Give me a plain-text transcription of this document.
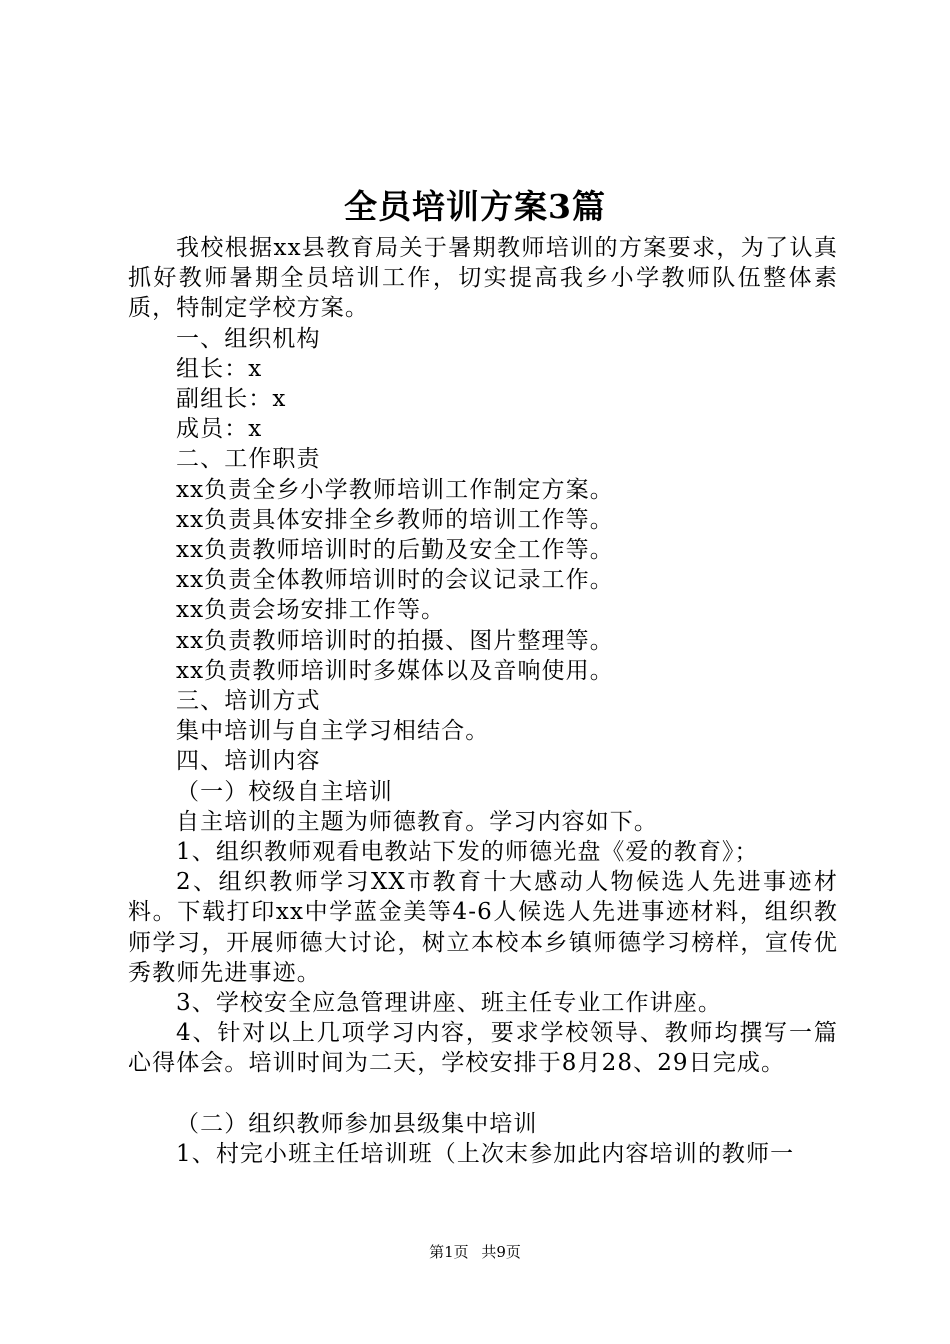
全员培训方案3篇

我校根据xx县教育局关于暑期教师培训的方案要求，为了认真抓好教师暑期全员培训工作，切实提高我乡小学教师队伍整体素质，特制定学校方案。

一、组织机构

组长：x

副组长：x

成员：x

二、工作职责

xx负责全乡小学教师培训工作制定方案。

xx负责具体安排全乡教师的培训工作等。

xx负责教师培训时的后勤及安全工作等。

xx负责全体教师培训时的会议记录工作。

xx负责会场安排工作等。

xx负责教师培训时的拍摄、图片整理等。

xx负责教师培训时多媒体以及音响使用。

三、培训方式

集中培训与自主学习相结合。

四、培训内容

（一）校级自主培训

自主培训的主题为师德教育。学习内容如下。

1、组织教师观看电教站下发的师德光盘《爱的教育》；

2、组织教师学习XX市教育十大感动人物候选人先进事迹材料。下载打印xx中学蓝金美等4-6人候选人先进事迹材料，组织教师学习，开展师德大讨论，树立本校本乡镇师德学习榜样，宣传优秀教师先进事迹。

3、学校安全应急管理讲座、班主任专业工作讲座。

4、针对以上几项学习内容，要求学校领导、教师均撰写一篇心得体会。培训时间为二天，学校安排于8月28、29日完成。

（二）组织教师参加县级集中培训

1、村完小班主任培训班（上次末参加此内容培训的教师一

第1页 共9页
